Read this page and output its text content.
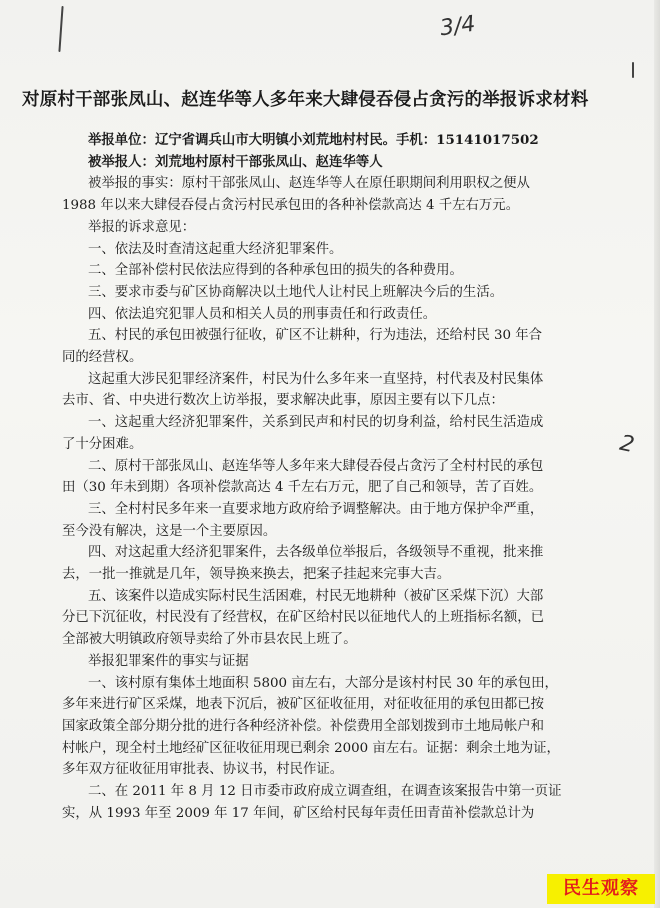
3/4
2
对原村干部张凤山、赵连华等人多年来大肆侵吞侵占贪污的举报诉求材料

举报单位：辽宁省调兵山市大明镇小刘荒地村村民。手机：15141017502

被举报人：刘荒地村原村干部张凤山、赵连华等人

被举报的事实：原村干部张凤山、赵连华等人在原任职期间利用职权之便从

1988 年以来大肆侵吞侵占贪污村民承包田的各种补偿款高达 4 千左右万元。

举报的诉求意见：

一、依法及时查清这起重大经济犯罪案件。

二、全部补偿村民依法应得到的各种承包田的损失的各种费用。

三、要求市委与矿区协商解决以土地代人让村民上班解决今后的生活。

四、依法追究犯罪人员和相关人员的刑事责任和行政责任。

五、村民的承包田被强行征收，矿区不让耕种，行为违法，还给村民 30 年合

同的经营权。

这起重大涉民犯罪经济案件，村民为什么多年来一直坚持，村代表及村民集体

去市、省、中央进行数次上访举报，要求解决此事，原因主要有以下几点：

一、这起重大经济犯罪案件，关系到民声和村民的切身利益，给村民生活造成

了十分困难。

二、原村干部张凤山、赵连华等人多年来大肆侵吞侵占贪污了全村村民的承包

田（30 年未到期）各项补偿款高达 4 千左右万元，肥了自己和领导，苦了百姓。

三、全村村民多年来一直要求地方政府给予调整解决。由于地方保护伞严重，

至今没有解决，这是一个主要原因。

四、对这起重大经济犯罪案件，去各级单位举报后，各级领导不重视，批来推

去，一批一推就是几年，领导换来换去，把案子挂起来完事大吉。

五、该案件以造成实际村民生活困难，村民无地耕种（被矿区采煤下沉）大部

分已下沉征收，村民没有了经营权，在矿区给村民以征地代人的上班指标名额，已

全部被大明镇政府领导卖给了外市县农民上班了。

举报犯罪案件的事实与证据

一、该村原有集体土地面积 5800 亩左右，大部分是该村村民 30 年的承包田，

多年来进行矿区采煤，地表下沉后，被矿区征收征用，对征收征用的承包田都已按

国家政策全部分期分批的进行各种经济补偿。补偿费用全部划拨到市土地局帐户和

村帐户，现全村土地经矿区征收征用现已剩余 2000 亩左右。证据：剩余土地为证，

多年双方征收征用审批表、协议书，村民作证。

二、在 2011 年 8 月 12 日市委市政府成立调查组，在调查该案报告中第一页证

实，从 1993 年至 2009 年 17 年间，矿区给村民每年责任田青苗补偿款总计为

民生观察
